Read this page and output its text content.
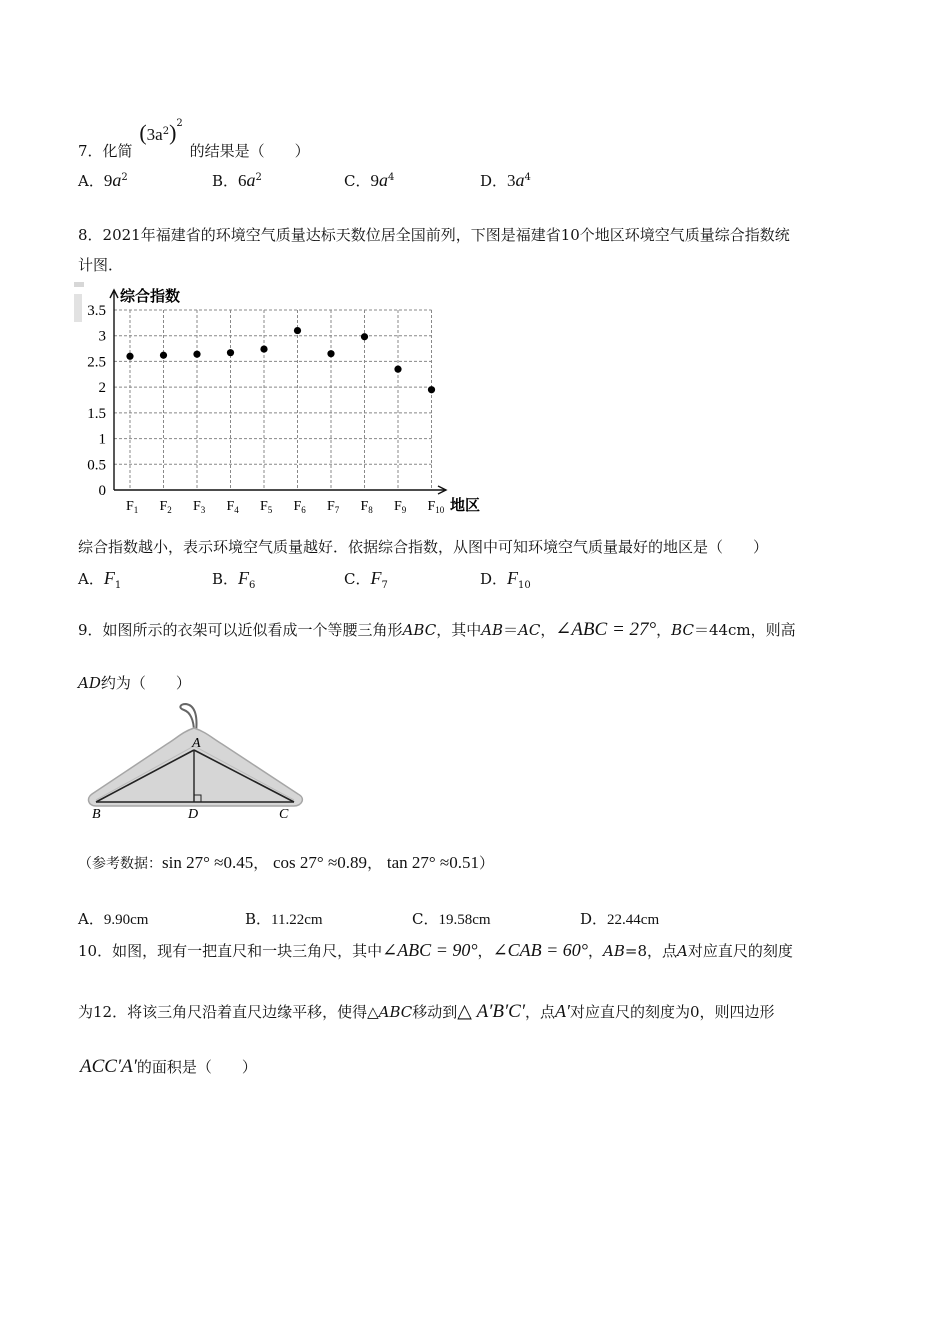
7．化简 $(3a^2)^2$ 的结果是（　　）
A．$9a^2$	B．$6a^2$	C．$9a^4$	D．$3a^4$
8．2021年福建省的环境空气质量达标天数位居全国前列，下图是福建省10个地区环境空气质量综合指数统
计图．
0
0.5
1
1.5
2
2.5
3
3.5
$F_1$ $F_2$ $F_3$ $F_4$ $F_5$ $F_6$ $F_7$ $F_8$ $F_9$ $F_{10}$
综合指数
地区
综合指数越小，表示环境空气质量越好．依据综合指数，从图中可知环境空气质量最好的地区是（　　）
A．$F_1$	B．$F_6$	C．$F_7$	D．$F_{10}$
9．如图所示的衣架可以近似看成一个等腰三角形ABC，其中AB＝AC，∠ABC = 27°，BC＝44cm，则高
AD约为（　　）
A
B	D	C
（参考数据：sin 27° ≈0.45， cos 27° ≈0.89， tan 27° ≈0.51）
A．9.90cm	B．11.22cm	C．19.58cm	D．22.44cm
10．如图，现有一把直尺和一块三角尺，其中∠ABC = 90°，∠CAB = 60°，AB=8，点A对应直尺的刻度
为12．将该三角尺沿着直尺边缘平移，使得△ABC移动到△ A′B′C′，点A′对应直尺的刻度为0，则四边形
ACC′A′的面积是（　　）
